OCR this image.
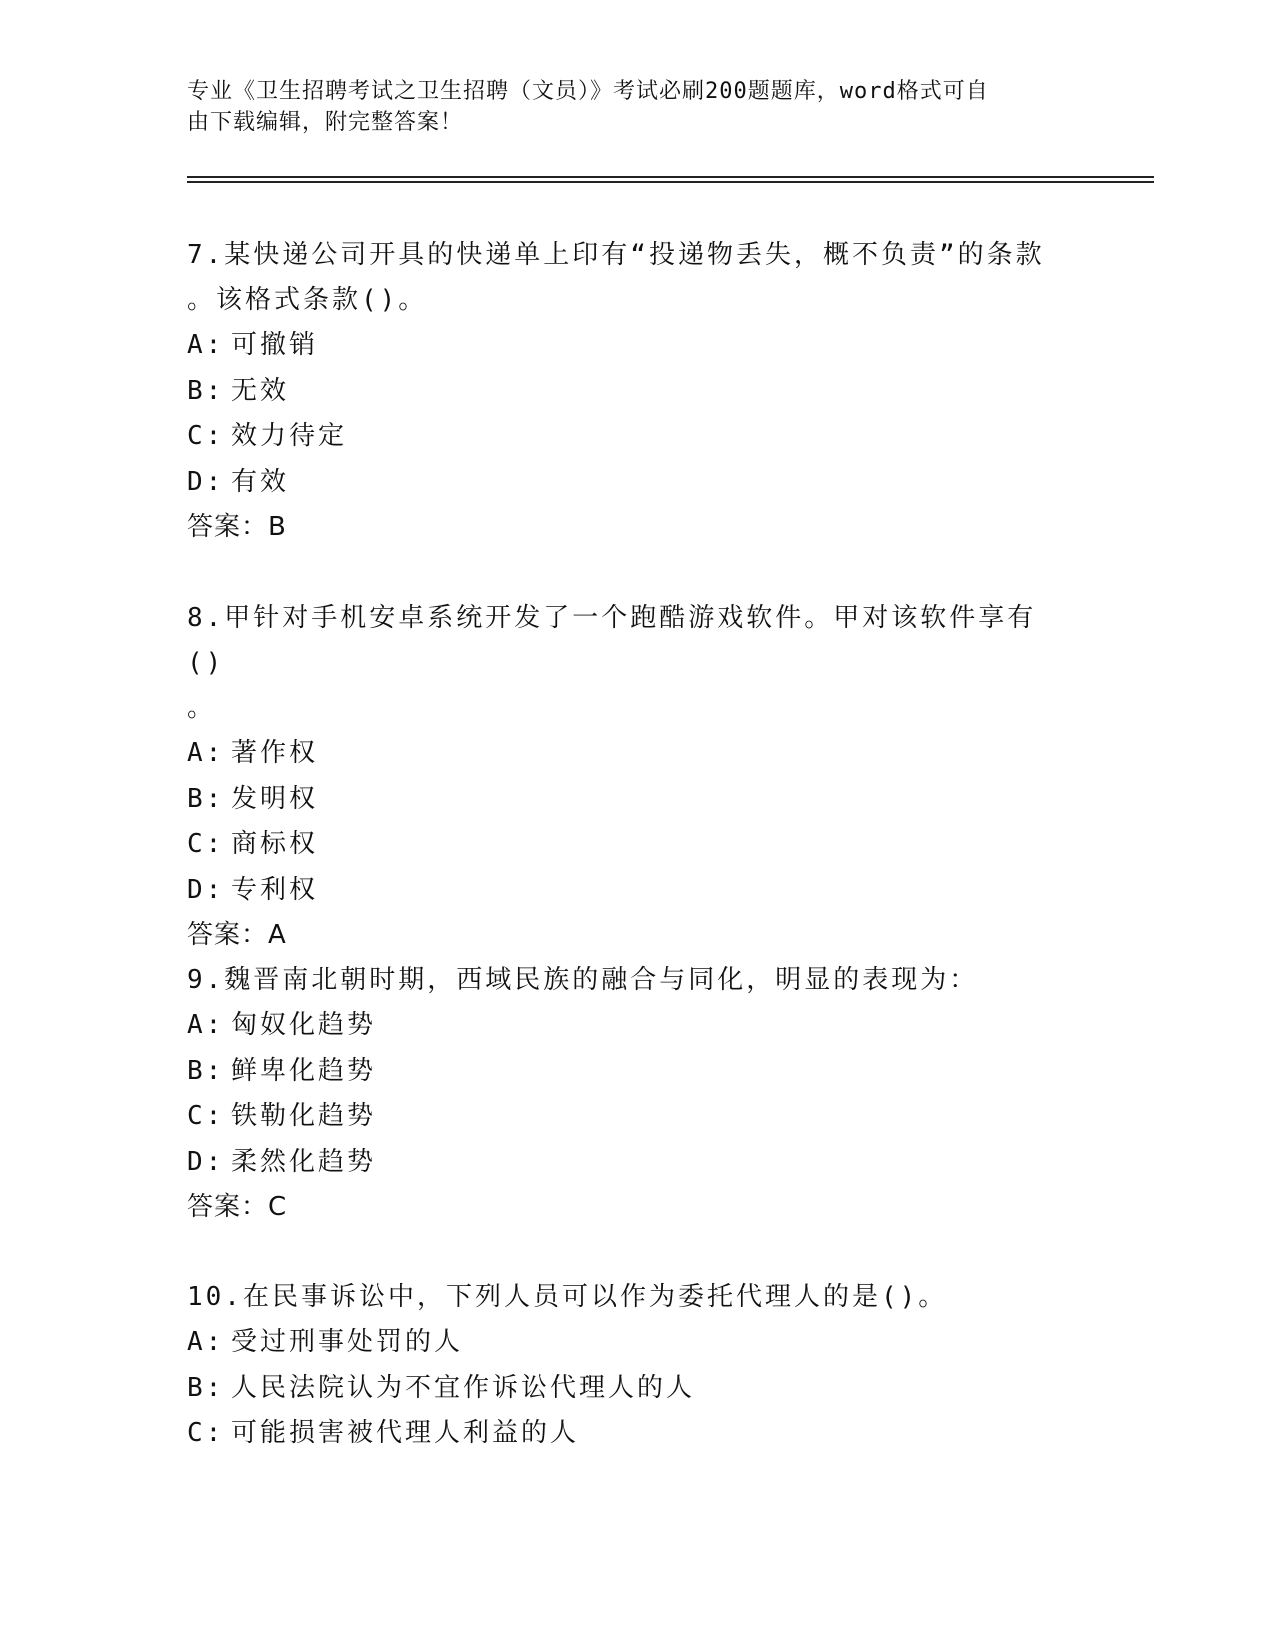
专业《卫生招聘考试之卫生招聘（文员）》考试必刷200题题库，word格式可自
由下载编辑，附完整答案！

7.某快递公司开具的快递单上印有“投递物丢失，概不负责”的条款

。该格式条款()。

A: 可撤销

B: 无效

C: 效力待定

D: 有效

答案：B

8.甲针对手机安卓系统开发了一个跑酷游戏软件。甲对该软件享有()

。

A: 著作权

B: 发明权

C: 商标权

D: 专利权

答案：A

9.魏晋南北朝时期，西域民族的融合与同化，明显的表现为：

A: 匈奴化趋势

B: 鲜卑化趋势

C: 铁勒化趋势

D: 柔然化趋势

答案：C

10.在民事诉讼中，下列人员可以作为委托代理人的是()。

A: 受过刑事处罚的人

B: 人民法院认为不宜作诉讼代理人的人

C: 可能损害被代理人利益的人
